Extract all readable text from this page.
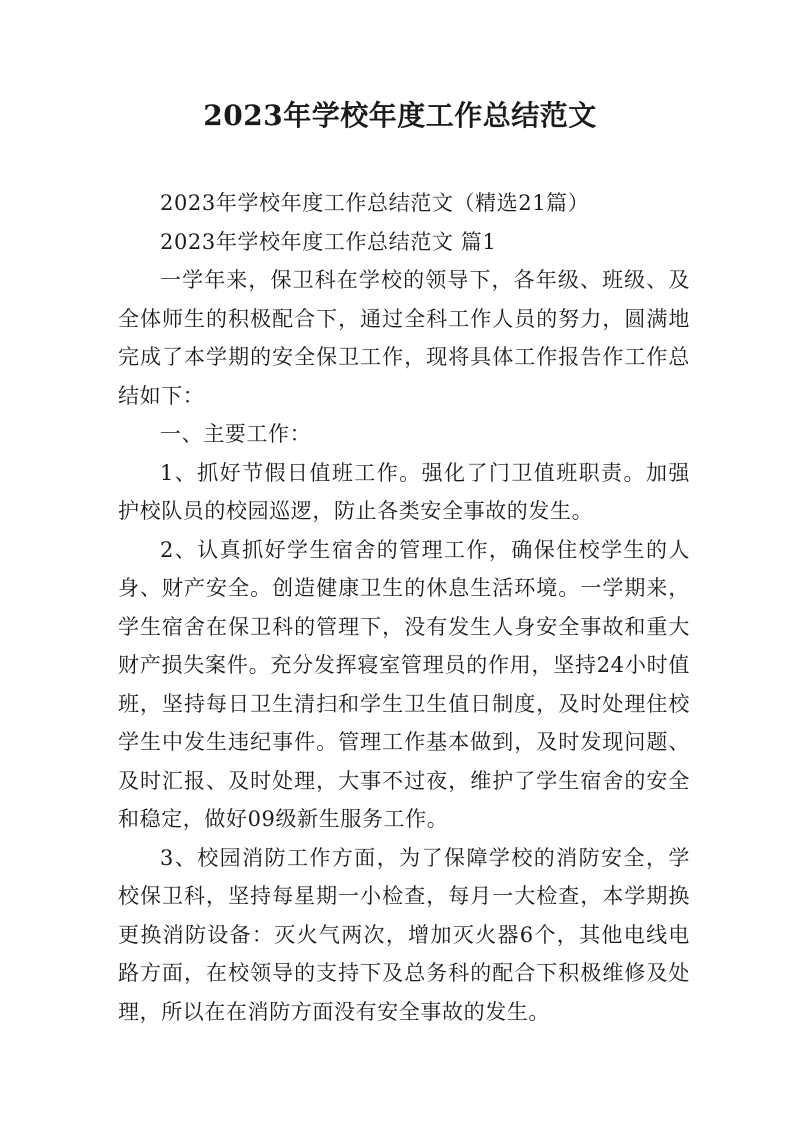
2023年学校年度工作总结范文

2023年学校年度工作总结范文（精选21篇）

2023年学校年度工作总结范文 篇1

一学年来，保卫科在学校的领导下，各年级、班级、及全体师生的积极配合下，通过全科工作人员的努力，圆满地完成了本学期的安全保卫工作，现将具体工作报告作工作总结如下：

一、主要工作：

1、抓好节假日值班工作。强化了门卫值班职责。加强护校队员的校园巡逻，防止各类安全事故的发生。

2、认真抓好学生宿舍的管理工作，确保住校学生的人身、财产安全。创造健康卫生的休息生活环境。一学期来，学生宿舍在保卫科的管理下，没有发生人身安全事故和重大财产损失案件。充分发挥寝室管理员的作用，坚持24小时值班，坚持每日卫生清扫和学生卫生值日制度，及时处理住校学生中发生违纪事件。管理工作基本做到，及时发现问题、及时汇报、及时处理，大事不过夜，维护了学生宿舍的安全和稳定，做好09级新生服务工作。

3、校园消防工作方面，为了保障学校的消防安全，学校保卫科，坚持每星期一小检查，每月一大检查，本学期换更换消防设备：灭火气两次，增加灭火器6个，其他电线电路方面，在校领导的支持下及总务科的配合下积极维修及处理，所以在在消防方面没有安全事故的发生。
